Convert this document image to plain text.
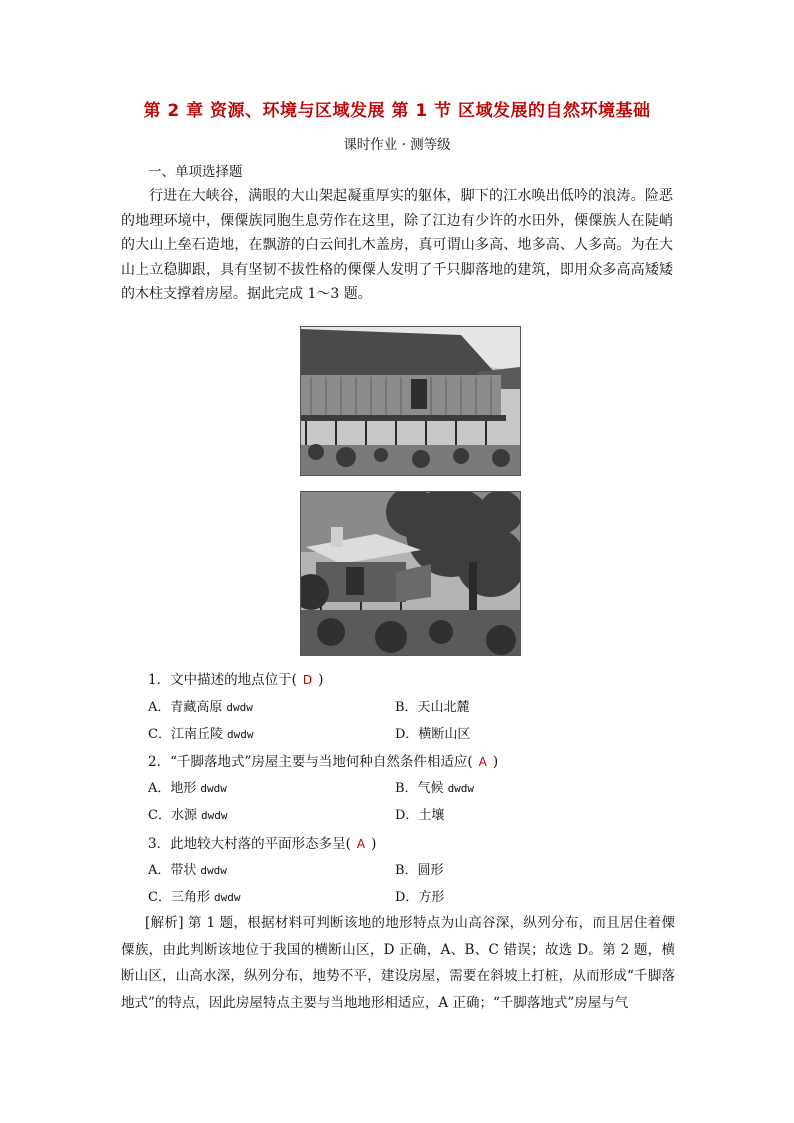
第 2 章 资源、环境与区域发展 第 1 节 区域发展的自然环境基础
课时作业 · 测等级
一、单项选择题

行进在大峡谷，满眼的大山架起凝重厚实的躯体，脚下的江水唤出低吟的浪涛。险恶的地理环境中，傈僳族同胞生息劳作在这里，除了江边有少许的水田外，傈僳族人在陡峭的大山上垒石造地，在飘游的白云间扎木盖房，真可谓山多高、地多高、人多高。为在大山上立稳脚跟，具有坚韧不拔性格的傈僳人发明了千只脚落地的建筑，即用众多高高矮矮的木柱支撑着房屋。据此完成 1～3 题。

1．文中描述的地点位于( D )
A．青藏高原 dwdw	B．天山北麓
C．江南丘陵 dwdw	D．横断山区
2．“千脚落地式”房屋主要与当地何种自然条件相适应( A )
A．地形 dwdw	B．气候 dwdw
C．水源 dwdw	D．土壤
3．此地较大村落的平面形态多呈( A )
A．带状 dwdw	B．圆形
C．三角形 dwdw	D．方形

[解析] 第 1 题，根据材料可判断该地的地形特点为山高谷深，纵列分布，而且居住着傈僳族，由此判断该地位于我国的横断山区，D 正确，A、B、C 错误；故选 D。第 2 题，横断山区，山高水深，纵列分布，地势不平，建设房屋，需要在斜坡上打桩，从而形成“千脚落地式”的特点，因此房屋特点主要与当地地形相适应，A 正确；“千脚落地式”房屋与气
